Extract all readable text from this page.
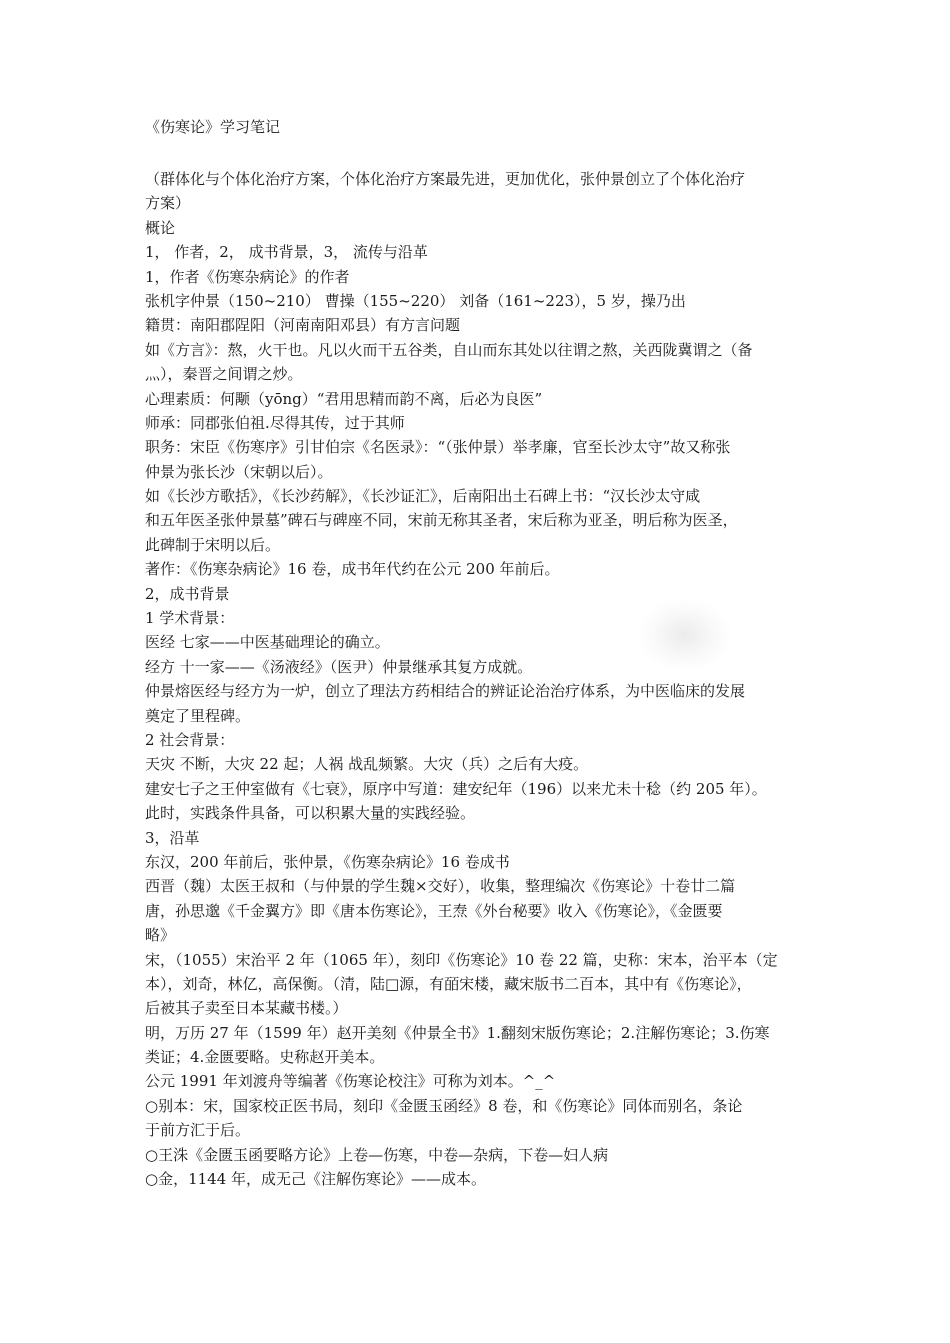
《伤寒论》学习笔记
（群体化与个体化治疗方案，个体化治疗方案最先进，更加优化，张仲景创立了个体化治疗
方案）
概论
1， 作者，2， 成书背景，3， 流传与沿革
1，作者《伤寒杂病论》的作者
张机字仲景（150~210） 曹操（155~220） 刘备（161~223），5 岁，操乃出
籍贯：南阳郡陧阳（河南南阳邓县）有方言问题
如《方言》：熬，火干也。凡以火而干五谷类，自山而东其处以往谓之熬，关西陇冀谓之（备
灬），秦晋之间谓之炒。
心理素质：何颙（yōng）“君用思精而韵不离，后必为良医”
师承：同郡张伯祖.尽得其传，过于其师
职务：宋臣《伤寒序》引甘伯宗《名医录》：“（张仲景）举孝廉，官至长沙太守”故又称张
仲景为张长沙（宋朝以后）。
如《长沙方歌括》，《长沙药解》，《长沙证汇》，后南阳出土石碑上书：“汉长沙太守咸
和五年医圣张仲景墓”碑石与碑座不同，宋前无称其圣者，宋后称为亚圣，明后称为医圣，
此碑制于宋明以后。
著作：《伤寒杂病论》16 卷，成书年代约在公元 200 年前后。
2，成书背景
1 学术背景：
医经 七家——中医基础理论的确立。
经方 十一家——《汤液经》（医尹）仲景继承其复方成就。
仲景熔医经与经方为一炉，创立了理法方药相结合的辨证论治治疗体系，为中医临床的发展
奠定了里程碑。
2 社会背景：
天灾 不断，大灾 22 起；人祸 战乱频繁。大灾（兵）之后有大疫。
建安七子之王仲室做有《七衰》，原序中写道：建安纪年（196）以来尤未十稔（约 205 年）。
此时，实践条件具备，可以积累大量的实践经验。
3，沿革
东汉，200 年前后，张仲景，《伤寒杂病论》16 卷成书
西晋（魏）太医王叔和（与仲景的学生魏×交好），收集，整理编次《伤寒论》十卷廿二篇
唐，孙思邈《千金翼方》即《唐本伤寒论》，王焘《外台秘要》收入《伤寒论》，《金匮要
略》
宋，（1055）宋治平 2 年（1065 年），刻印《伤寒论》10 卷 22 篇，史称：宋本，治平本（定
本），刘奇，林亿，高保衡。（清，陆□源，有皕宋楼，藏宋版书二百本，其中有《伤寒论》，
后被其子卖至日本某藏书楼。）
明，万历 27 年（1599 年）赵开美刻《仲景全书》1.翻刻宋版伤寒论；2.注解伤寒论；3.伤寒
类证；4.金匮要略。史称赵开美本。
公元 1991 年刘渡舟等编著《伤寒论校注》可称为刘本。^_^
○别本：宋，国家校正医书局，刻印《金匮玉函经》8 卷，和《伤寒论》同体而别名，条论
于前方汇于后。
○王洙《金匮玉函要略方论》上卷—伤寒，中卷—杂病，下卷—妇人病
○金，1144 年，成无己《注解伤寒论》——成本。
